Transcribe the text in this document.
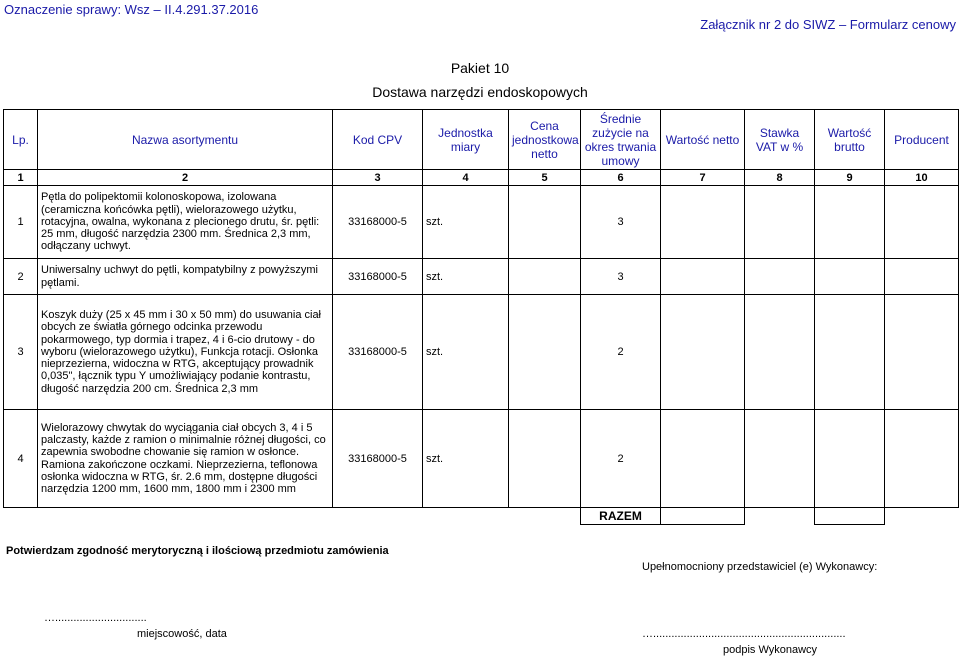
Oznaczenie sprawy: Wsz – II.4.291.37.2016
Załącznik nr 2 do SIWZ – Formularz cenowy
Pakiet 10
Dostawa narzędzi endoskopowych
Lp.	Nazwa asortymentu	Kod CPV	Jednostka miary	Cena jednostkowa netto	Średnie zużycie na okres trwania umowy	Wartość netto	Stawka VAT w %	Wartość brutto	Producent
1	2	3	4	5	6	7	8	9	10
1	Pętla do polipektomii kolonoskopowa, izolowana (ceramiczna końcówka pętli), wielorazowego użytku, rotacyjna, owalna, wykonana z plecionego drutu, śr. pętli: 25 mm, długość narzędzia 2300 mm. Średnica 2,3 mm, odłączany uchwyt.	33168000-5	szt.		3				
2	Uniwersalny uchwyt do pętli, kompatybilny z powyższymi pętlami.	33168000-5	szt.		3				
3	Koszyk duży (25 x 45 mm i 30 x 50 mm) do usuwania ciał obcych ze światła górnego odcinka przewodu pokarmowego, typ dormia i trapez, 4 i 6-cio drutowy - do wyboru (wielorazowego użytku), Funkcja rotacji. Osłonka nieprzezierna, widoczna w RTG, akceptujący prowadnik 0,035", łącznik typu Y umożliwiający podanie kontrastu, długość narzędzia 200 cm. Średnica 2,3 mm	33168000-5	szt.		2				
4	Wielorazowy chwytak do wyciągania ciał obcych 3, 4 i 5 palczasty, każde z ramion o minimalnie różnej długości, co zapewnia swobodne chowanie się ramion w osłonce. Ramiona zakończone oczkami. Nieprzezierna, teflonowa osłonka widoczna w RTG, śr. 2.6 mm, dostępne długości narzędzia 1200 mm, 1600 mm, 1800 mm i 2300 mm	33168000-5	szt.		2				
					RAZEM				
Potwierdzam zgodność merytoryczną i ilościową przedmiotu zamówienia
Upełnomocniony przedstawiciel (e) Wykonawcy:
…..............................
miejscowość, data	…...............................................................
podpis Wykonawcy
